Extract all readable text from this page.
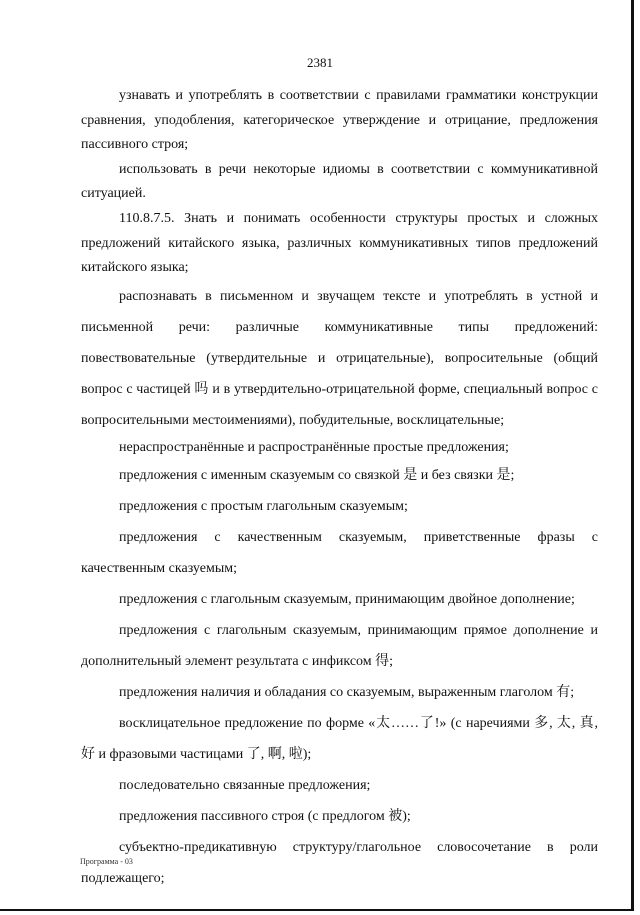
2381

узнавать и употреблять в соответствии с правилами грамматики конструкции сравнения, уподобления, категорическое утверждение и отрицание, предложения пассивного строя;

использовать в речи некоторые идиомы в соответствии с коммуникативной ситуацией.

110.8.7.5. Знать и понимать особенности структуры простых и сложных предложений китайского языка, различных коммуникативных типов предложений китайского языка;

распознавать в письменном и звучащем тексте и употреблять в устной и письменной речи: различные коммуникативные типы предложений: повествовательные (утвердительные и отрицательные), вопросительные (общий вопрос с частицей 吗 и в утвердительно-отрицательной форме, специальный вопрос с вопросительными местоимениями), побудительные, восклицательные;

нераспространённые и распространённые простые предложения;

предложения с именным сказуемым со связкой 是 и без связки 是;

предложения с простым глагольным сказуемым;

предложения с качественным сказуемым, приветственные фразы с качественным сказуемым;

предложения с глагольным сказуемым, принимающим двойное дополнение;

предложения с глагольным сказуемым, принимающим прямое дополнение и дополнительный элемент результата с инфиксом 得;

предложения наличия и обладания со сказуемым, выраженным глаголом 有;

восклицательное предложение по форме «太……了!» (с наречиями 多, 太, 真, 好 и фразовыми частицами 了, 啊, 啦);

последовательно связанные предложения;

предложения пассивного строя (с предлогом 被);

субъектно-предикативную структуру/глагольное словосочетание в роли подлежащего;

Программа - 03
